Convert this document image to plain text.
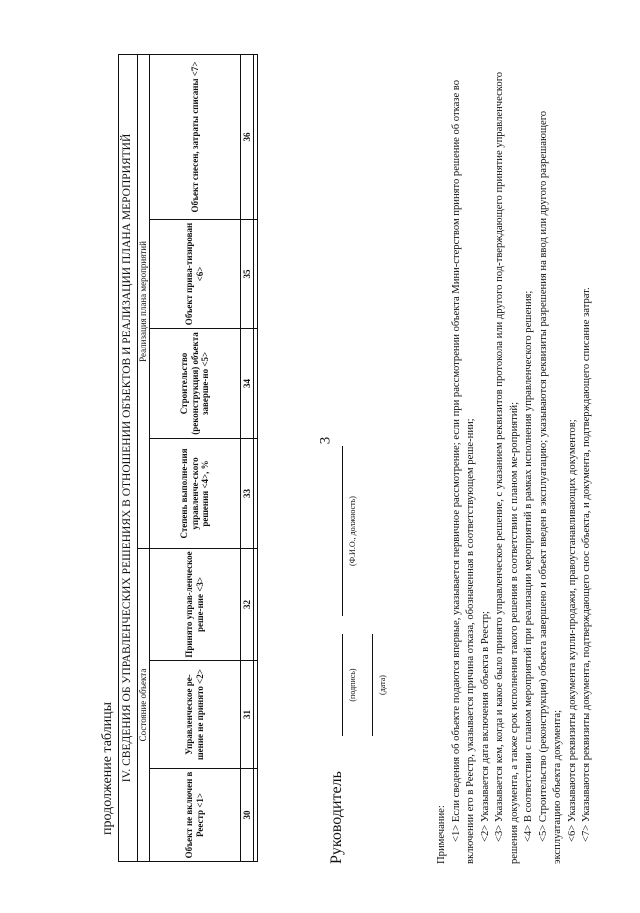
3
продолжение таблицы IV. СВЕДЕНИЯ ОБ УПРАВЛЕНЧЕСКИХ РЕШЕНИЯХ В ОТНОШЕНИИ ОБЪЕКТОВ И РЕАЛИЗАЦИИ ПЛАНА МЕРОПРИЯТИЙ						
Состояние объекта			Реализация плана мероприятий			
Объект не включен в Реестр <1>	Управленческое ре-шение не принято <2>	Принято управ-ленческое реше-ние <3>	Степень выполне-ния управленче-ского решения <4>, %	Строительство (реконструкция) объекта заверше-но <5>	Объект прива-тизирован <6>	Объект снесен, затраты списаны <7>
30	31	32	33	34	35	36

Руководитель
(подпись)
(Ф.И.О., должность)
(дата)

Примечание: <1> Если сведения об объекте подаются впервые, указывается первичное рассмотрение; если при рассмотрении объекта Мини-стерством принято решение об отказе во включении его в Реестр, указывается причина отказа, обозначенная в соответствующем реше-нии; <2> Указывается дата включения объекта в Реестр; <3> Указывается кем, когда и какое было принято управленческое решение, с указанием реквизитов протокола или другого под-тверждающего принятие управленческого решения документа, а также срок исполнения такого решения в соответствии с планом ме-роприятий; <4> В соответствии с планом мероприятий при реализации мероприятий в рамках исполнения управленческого решения; <5> Строительство (реконструкция) объекта завершено и объект введен в эксплуатацию; указываются реквизиты разрешения на ввод или другого разрешающего эксплуатацию объекта документа; <6> Указываются реквизиты документа купли-продажи, правоустанавливающих документов; <7> Указываются реквизиты документа, подтверждающего снос объекта, и документа, подтверждающего списание затрат.
